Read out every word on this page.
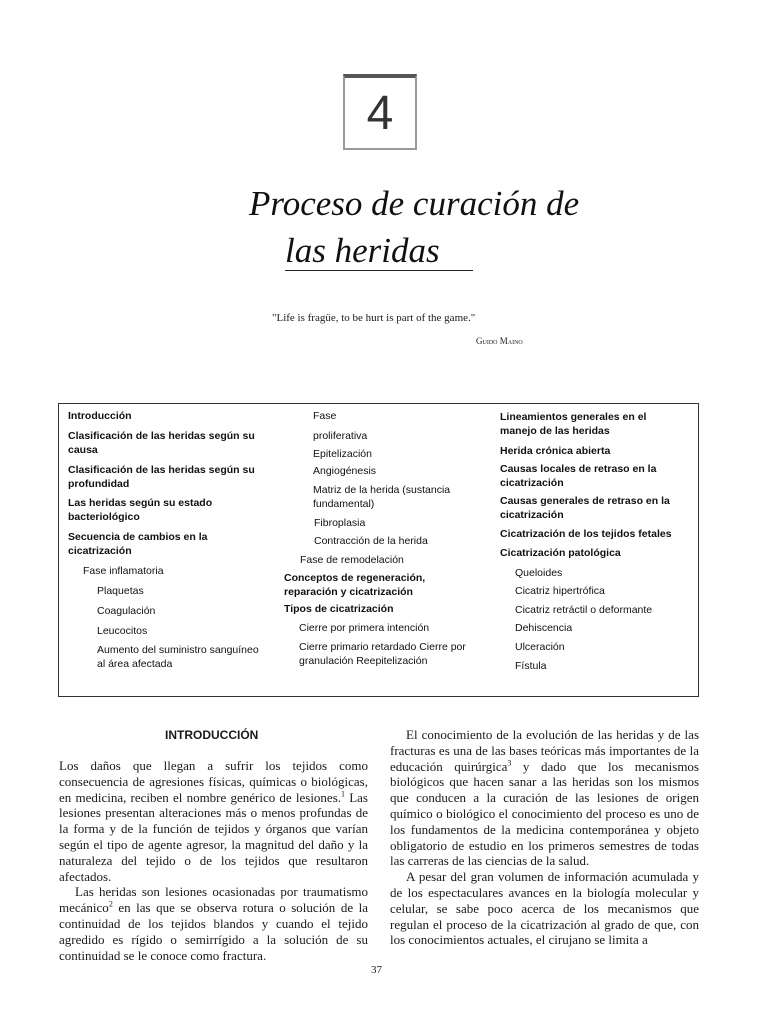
4
Proceso de curación de
las heridas
"Life is fragüe, to be hurt is part of the game."
Guido Maino
Introducción
Clasificación de las heridas según su causa
Clasificación de las heridas según su profundidad
Las heridas según su estado bacteriológico
Secuencia de cambios en la cicatrización
Fase inflamatoria
Plaquetas
Coagulación
Leucocitos
Aumento del suministro sanguíneo al área afectada
Fase
proliferativa
Epitelización
Angiogénesis
Matriz de la herida (sustancia fundamental)
Fibroplasia
Contracción de la herida
Fase de remodelación
Conceptos de regeneración, reparación y cicatrización
Tipos de cicatrización
Cierre por primera intención
Cierre primario retardado Cierre por granulación Reepitelización
Lineamientos generales en el manejo de las heridas
Herida crónica abierta
Causas locales de retraso en la cicatrización
Causas generales de retraso en la cicatrización
Cicatrización de los tejidos fetales
Cicatrización patológica
Queloides
Cicatriz hipertrófica
Cicatriz retráctil o deformante
Dehiscencia
Ulceración
Fístula
INTRODUCCIÓN

Los daños que llegan a sufrir los tejidos como consecuencia de agresiones físicas, químicas o biológicas, en medicina, reciben el nombre genérico de lesiones.$^1$ Las lesiones presentan alteraciones más o menos profundas de la forma y de la función de tejidos y órganos que varían según el tipo de agente agresor, la magnitud del daño y la naturaleza del tejido o de los tejidos que resultaron afectados.

Las heridas son lesiones ocasionadas por traumatismo mecánico$^2$ en las que se observa rotura o solución de la continuidad de los tejidos blandos y cuando el tejido agredido es rígido o semirrígido a la solución de su continuidad se le conoce como fractura.

El conocimiento de la evolución de las heridas y de las fracturas es una de las bases teóricas más importantes de la educación quirúrgica$^3$ y dado que los mecanismos biológicos que hacen sanar a las heridas son los mismos que conducen a la curación de las lesiones de origen químico o biológico el conocimiento del proceso es uno de los fundamentos de la medicina contemporánea y objeto obligatorio de estudio en los primeros semestres de todas las carreras de las ciencias de la salud.

A pesar del gran volumen de información acumulada y de los espectaculares avances en la biología molecular y celular, se sabe poco acerca de los mecanismos que regulan el proceso de la cicatrización al grado de que, con los conocimientos actuales, el cirujano se limita a

37
